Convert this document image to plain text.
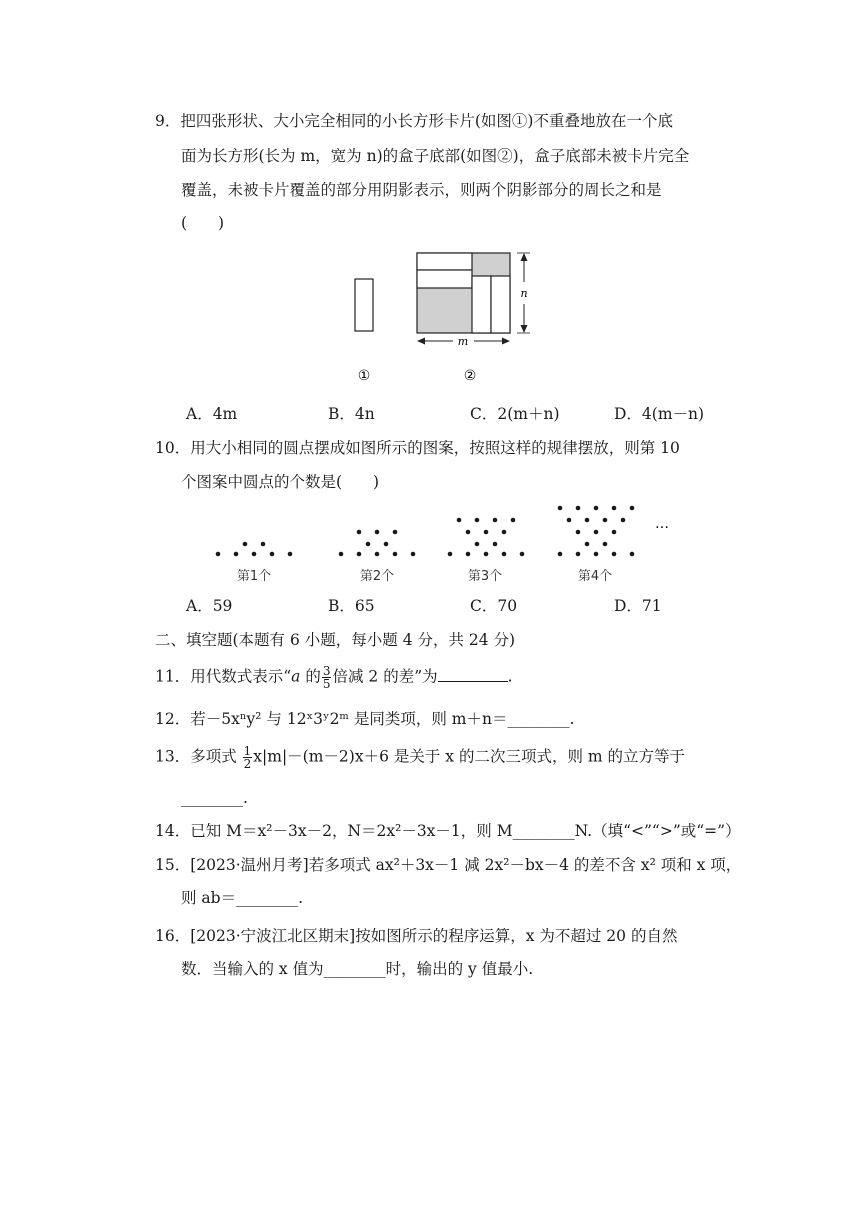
9．把四张形状、大小完全相同的小长方形卡片(如图①)不重叠地放在一个底
面为长方形(长为 m，宽为 n)的盒子底部(如图②)，盒子底部未被卡片完全
覆盖，未被卡片覆盖的部分用阴影表示，则两个阴影部分的周长之和是
(　　)
n
m
①	②
A．4m	B．4n	C．2(m＋n)	D．4(m－n)
10．用大小相同的圆点摆成如图所示的图案，按照这样的规律摆放，则第 10
个图案中圆点的个数是(　　)
第1个	第2个	第3个	第4个
…
A．59	B．65	C．70	D．71
二、填空题(本题有 6 小题，每小题 4 分，共 24 分)
11．用代数式表示“a 的 $\frac{3}{5}$ 倍减 2 的差”为	.
12．若－5xⁿy² 与 12ˣ3ʸ2ᵐ 是同类项，则 m＋n＝________.
13．多项式 $\frac{1}{2} x|m|-(m-2)x+6$ 是关于 x 的二次三项式，则 m 的立方等于
________.
14．已知 M＝x²－3x－2，N＝2x²－3x－1，则 M________N.（填“<”“>”或“=”）
15．[2023·温州月考]若多项式 ax²＋3x－1 减 2x²－bx－4 的差不含 x² 项和 x 项，
则 ab＝________.
16．[2023·宁波江北区期末]按如图所示的程序运算，x 为不超过 20 的自然
数．当输入的 x 值为________时，输出的 y 值最小.
